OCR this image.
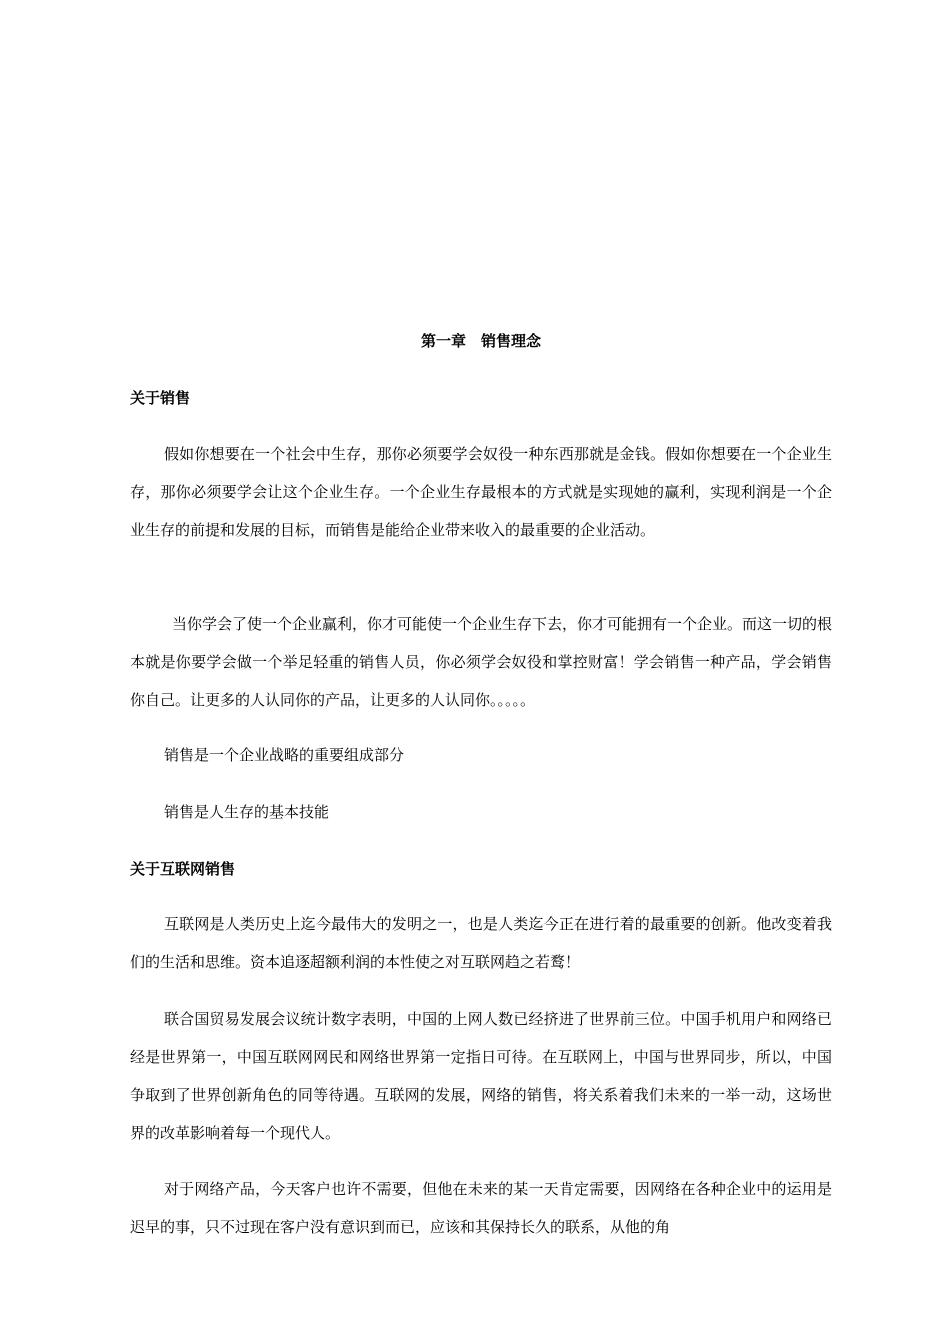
第一章　销售理念
关于销售

假如你想要在一个社会中生存，那你必须要学会奴役一种东西那就是金钱。假如你想要在一个企业生存，那你必须要学会让这个企业生存。一个企业生存最根本的方式就是实现她的赢利，实现利润是一个企业生存的前提和发展的目标，而销售是能给企业带来收入的最重要的企业活动。

当你学会了使一个企业赢利，你才可能使一个企业生存下去，你才可能拥有一个企业。而这一切的根本就是你要学会做一个举足轻重的销售人员，你必须学会奴役和掌控财富！学会销售一种产品，学会销售你自己。让更多的人认同你的产品，让更多的人认同你。。。。。

销售是一个企业战略的重要组成部分
销售是人生存的基本技能
关于互联网销售

互联网是人类历史上迄今最伟大的发明之一，也是人类迄今正在进行着的最重要的创新。他改变着我们的生活和思维。资本追逐超额利润的本性使之对互联网趋之若鹜！

联合国贸易发展会议统计数字表明，中国的上网人数已经挤进了世界前三位。中国手机用户和网络已经是世界第一，中国互联网网民和网络世界第一定指日可待。在互联网上，中国与世界同步，所以，中国争取到了世界创新角色的同等待遇。互联网的发展，网络的销售，将关系着我们未来的一举一动，这场世界的改革影响着每一个现代人。

对于网络产品，今天客户也许不需要，但他在未来的某一天肯定需要，因网络在各种企业中的运用是迟早的事，只不过现在客户没有意识到而已，应该和其保持长久的联系，从他的角
